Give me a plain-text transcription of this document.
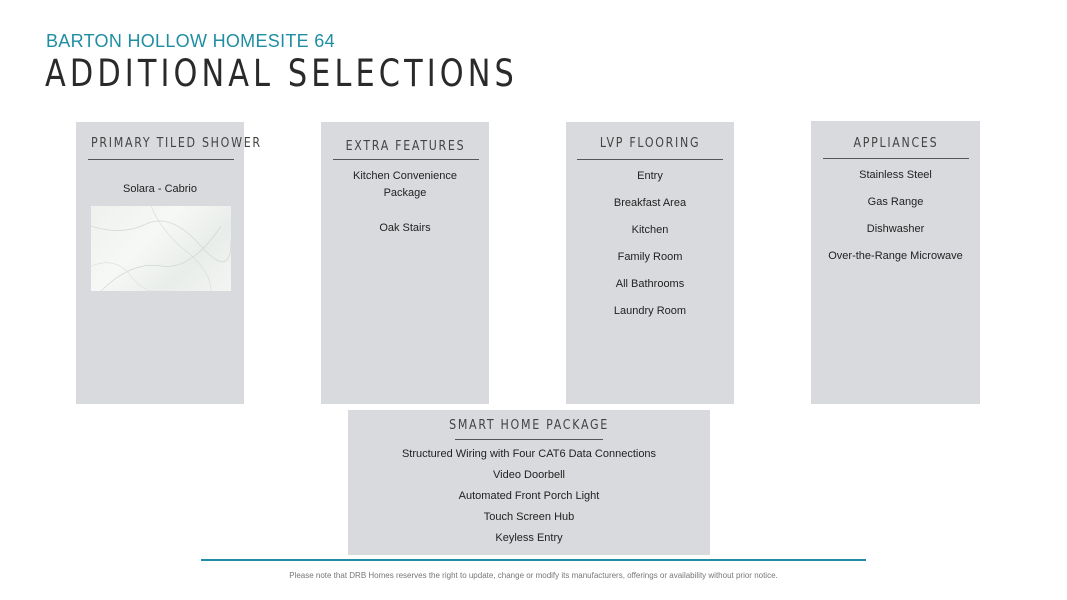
BARTON HOLLOW HOMESITE 64
ADDITIONAL SELECTIONS
PRIMARY TILED SHOWER
Solara - Cabrio
EXTRA FEATURES
Kitchen Convenience
Package
Oak Stairs
LVP FLOORING
Entry
Breakfast Area
Kitchen
Family Room
All Bathrooms
Laundry Room
APPLIANCES
Stainless Steel
Gas Range
Dishwasher
Over-the-Range Microwave
SMART HOME PACKAGE
Structured Wiring with Four CAT6 Data Connections
Video Doorbell
Automated Front Porch Light
Touch Screen Hub
Keyless Entry
Please note that DRB Homes reserves the right to update, change or modify its manufacturers, offerings or availability without prior notice.
